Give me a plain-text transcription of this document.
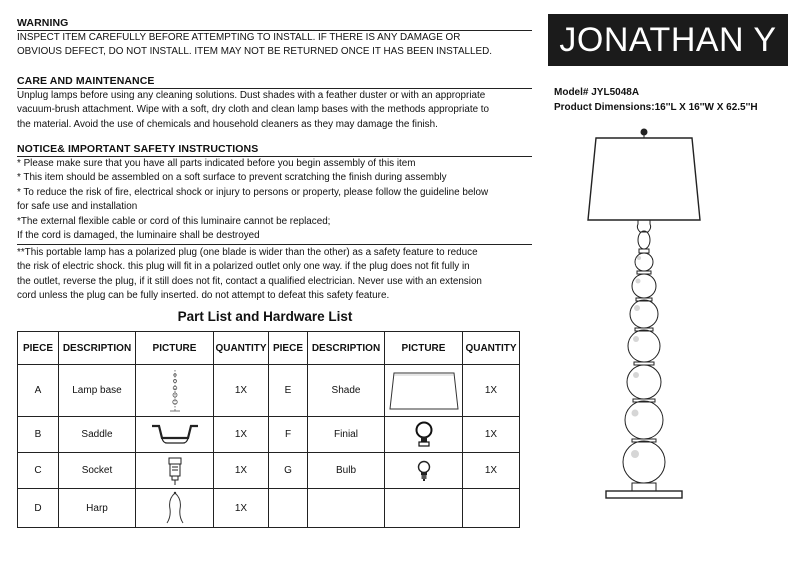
WARNING
INSPECT ITEM CAREFULLY BEFORE ATTEMPTING TO INSTALL. IF THERE IS ANY DAMAGE OR
OBVIOUS DEFECT, DO NOT INSTALL. ITEM MAY NOT BE RETURNED ONCE IT HAS BEEN INSTALLED.
CARE AND MAINTENANCE
Unplug lamps before using any cleaning solutions. Dust shades with a feather duster or with an appropriate
vacuum-brush attachment. Wipe with a soft, dry cloth and clean lamp bases with the methods appropriate to
the material. Avoid the use of chemicals and household cleaners as they may damage the finish.
NOTICE& IMPORTANT SAFETY INSTRUCTIONS
* Please make sure that you have all parts indicated before you begin assembly of this item
* This item should be assembled on a soft surface to prevent scratching the finish during assembly
* To reduce the risk of fire, electrical shock or injury to persons or property, please follow the guideline below
for safe use and installation
*The external flexible cable or cord of this luminaire cannot be replaced;
If the cord is damaged, the luminaire shall be destroyed
**This portable lamp has a polarized plug (one blade is wider than the other) as a safety feature to reduce
the risk of electric shock. this plug will fit in a polarized outlet only one way. if the plug does not fit fully in
the outlet, reverse the plug, if it still does not fit, contact a qualified electrician. Never use with an extension
cord unless the plug can be fully inserted. do not attempt to defeat this safety feature.
JONATHAN Y
Model# JYL5048A
Product Dimensions:16''L X 16''W X 62.5''H
Part List and Hardware List
PIECE	DESCRIPTION	PICTURE	QUANTITY	PIECE	DESCRIPTION	PICTURE	QUANTITY
A	Lamp base		1X	E	Shade		1X
B	Saddle		1X	F	Finial		1X
C	Socket		1X	G	Bulb		1X
D	Harp		1X				
